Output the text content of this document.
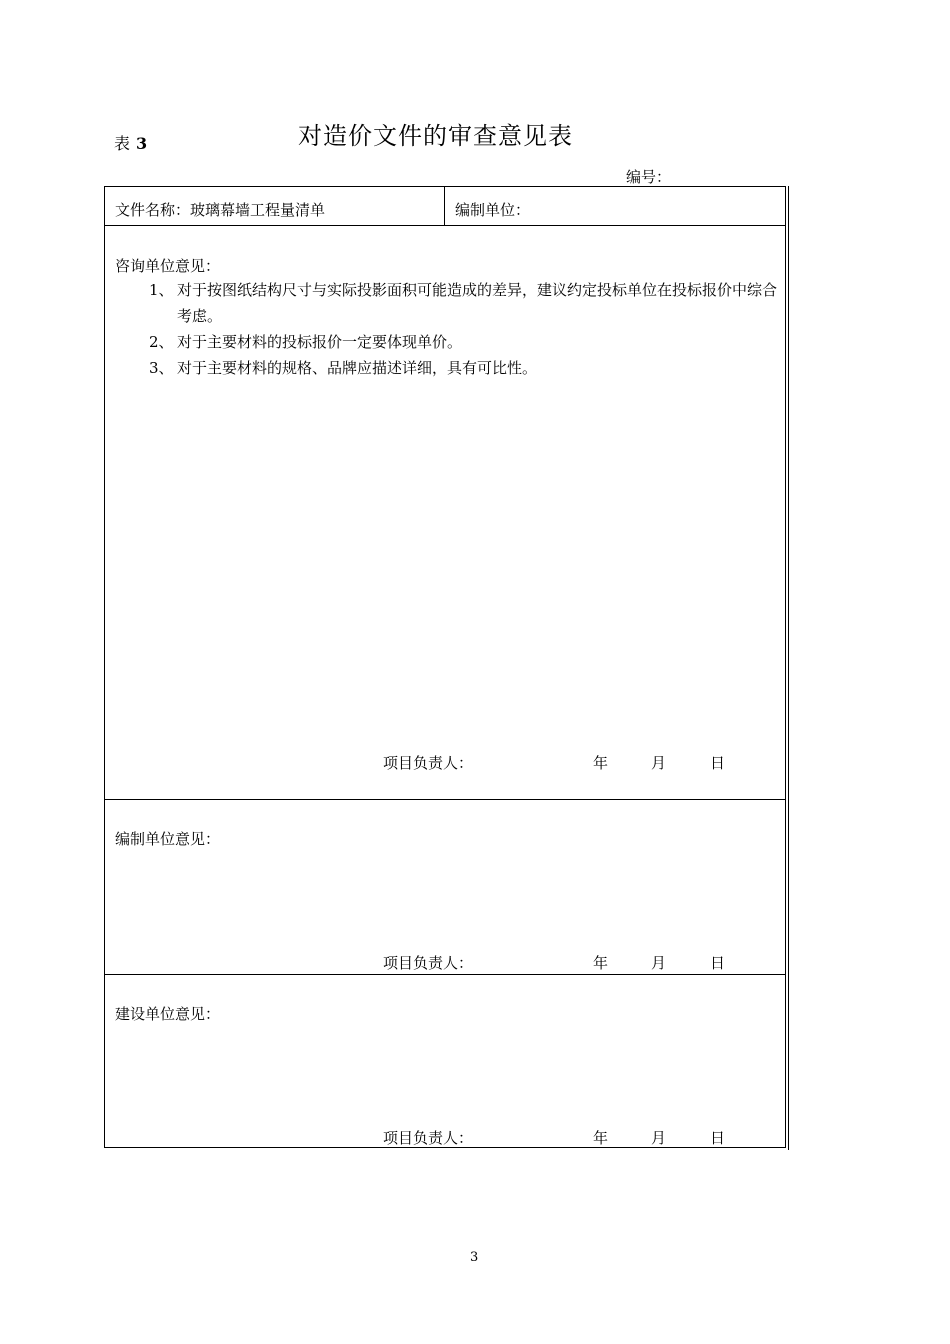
表 3	对造价文件的审查意见表
编号：
文件名称：玻璃幕墙工程量清单	编制单位：
咨询单位意见：
1、 对于按图纸结构尺寸与实际投影面积可能造成的差异，建议约定投标单位在投标报价中综合考虑。
2、 对于主要材料的投标报价一定要体现单价。
3、 对于主要材料的规格、品牌应描述详细，具有可比性。
项目负责人：	年	月	日
编制单位意见：
项目负责人：	年	月	日
建设单位意见：
项目负责人：	年	月	日
3
